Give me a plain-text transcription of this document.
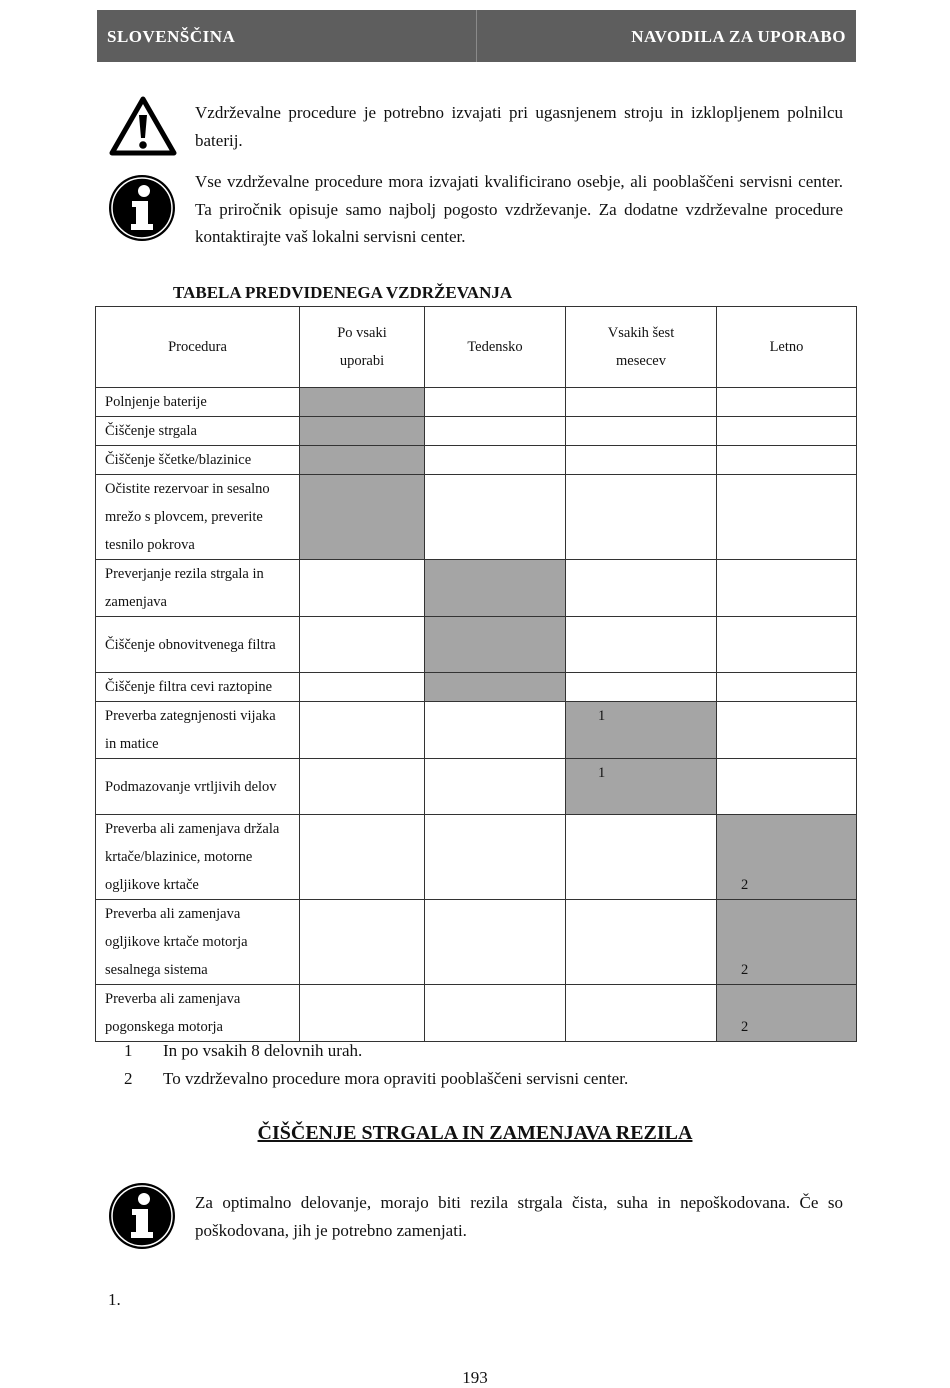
SLOVENŠČINA	NAVODILA ZA UPORABO
Vzdrževalne procedure je potrebno izvajati pri ugasnjenem stroju in izklopljenem polnilcu baterij.
Vse vzdrževalne procedure mora izvajati kvalificirano osebje, ali pooblaščeni servisni center. Ta priročnik opisuje samo najbolj pogosto vzdrževanje. Za dodatne vzdrževalne procedure kontaktirajte vaš lokalni servisni center.
TABELA PREDVIDENEGA VZDRŽEVANJA
Procedura	Po vsaki uporabi	Tedensko	Vsakih šest mesecev	Letno
Polnjenje baterije				
Čiščenje strgala				
Čiščenje ščetke/blazinice				
Očistite rezervoar in sesalno mrežo s plovcem, preverite tesnilo pokrova				
Preverjanje rezila strgala in zamenjava				
Čiščenje obnovitvenega filtra				
Čiščenje filtra cevi raztopine				
Preverba zategnjenosti vijaka in matice			1	
Podmazovanje vrtljivih delov			1	
Preverba ali zamenjava držala krtače/blazinice, motorne ogljikove krtače				2
Preverba ali zamenjava ogljikove krtače motorja sesalnega sistema				2
Preverba ali zamenjava pogonskega motorja				2
1 In po vsakih 8 delovnih urah.
2 To vzdrževalno procedure mora opraviti pooblaščeni servisni center.
ČIŠČENJE STRGALA IN ZAMENJAVA REZILA
Za optimalno delovanje, morajo biti rezila strgala čista, suha in nepoškodovana. Če so poškodovana, jih je potrebno zamenjati.
1.
193
